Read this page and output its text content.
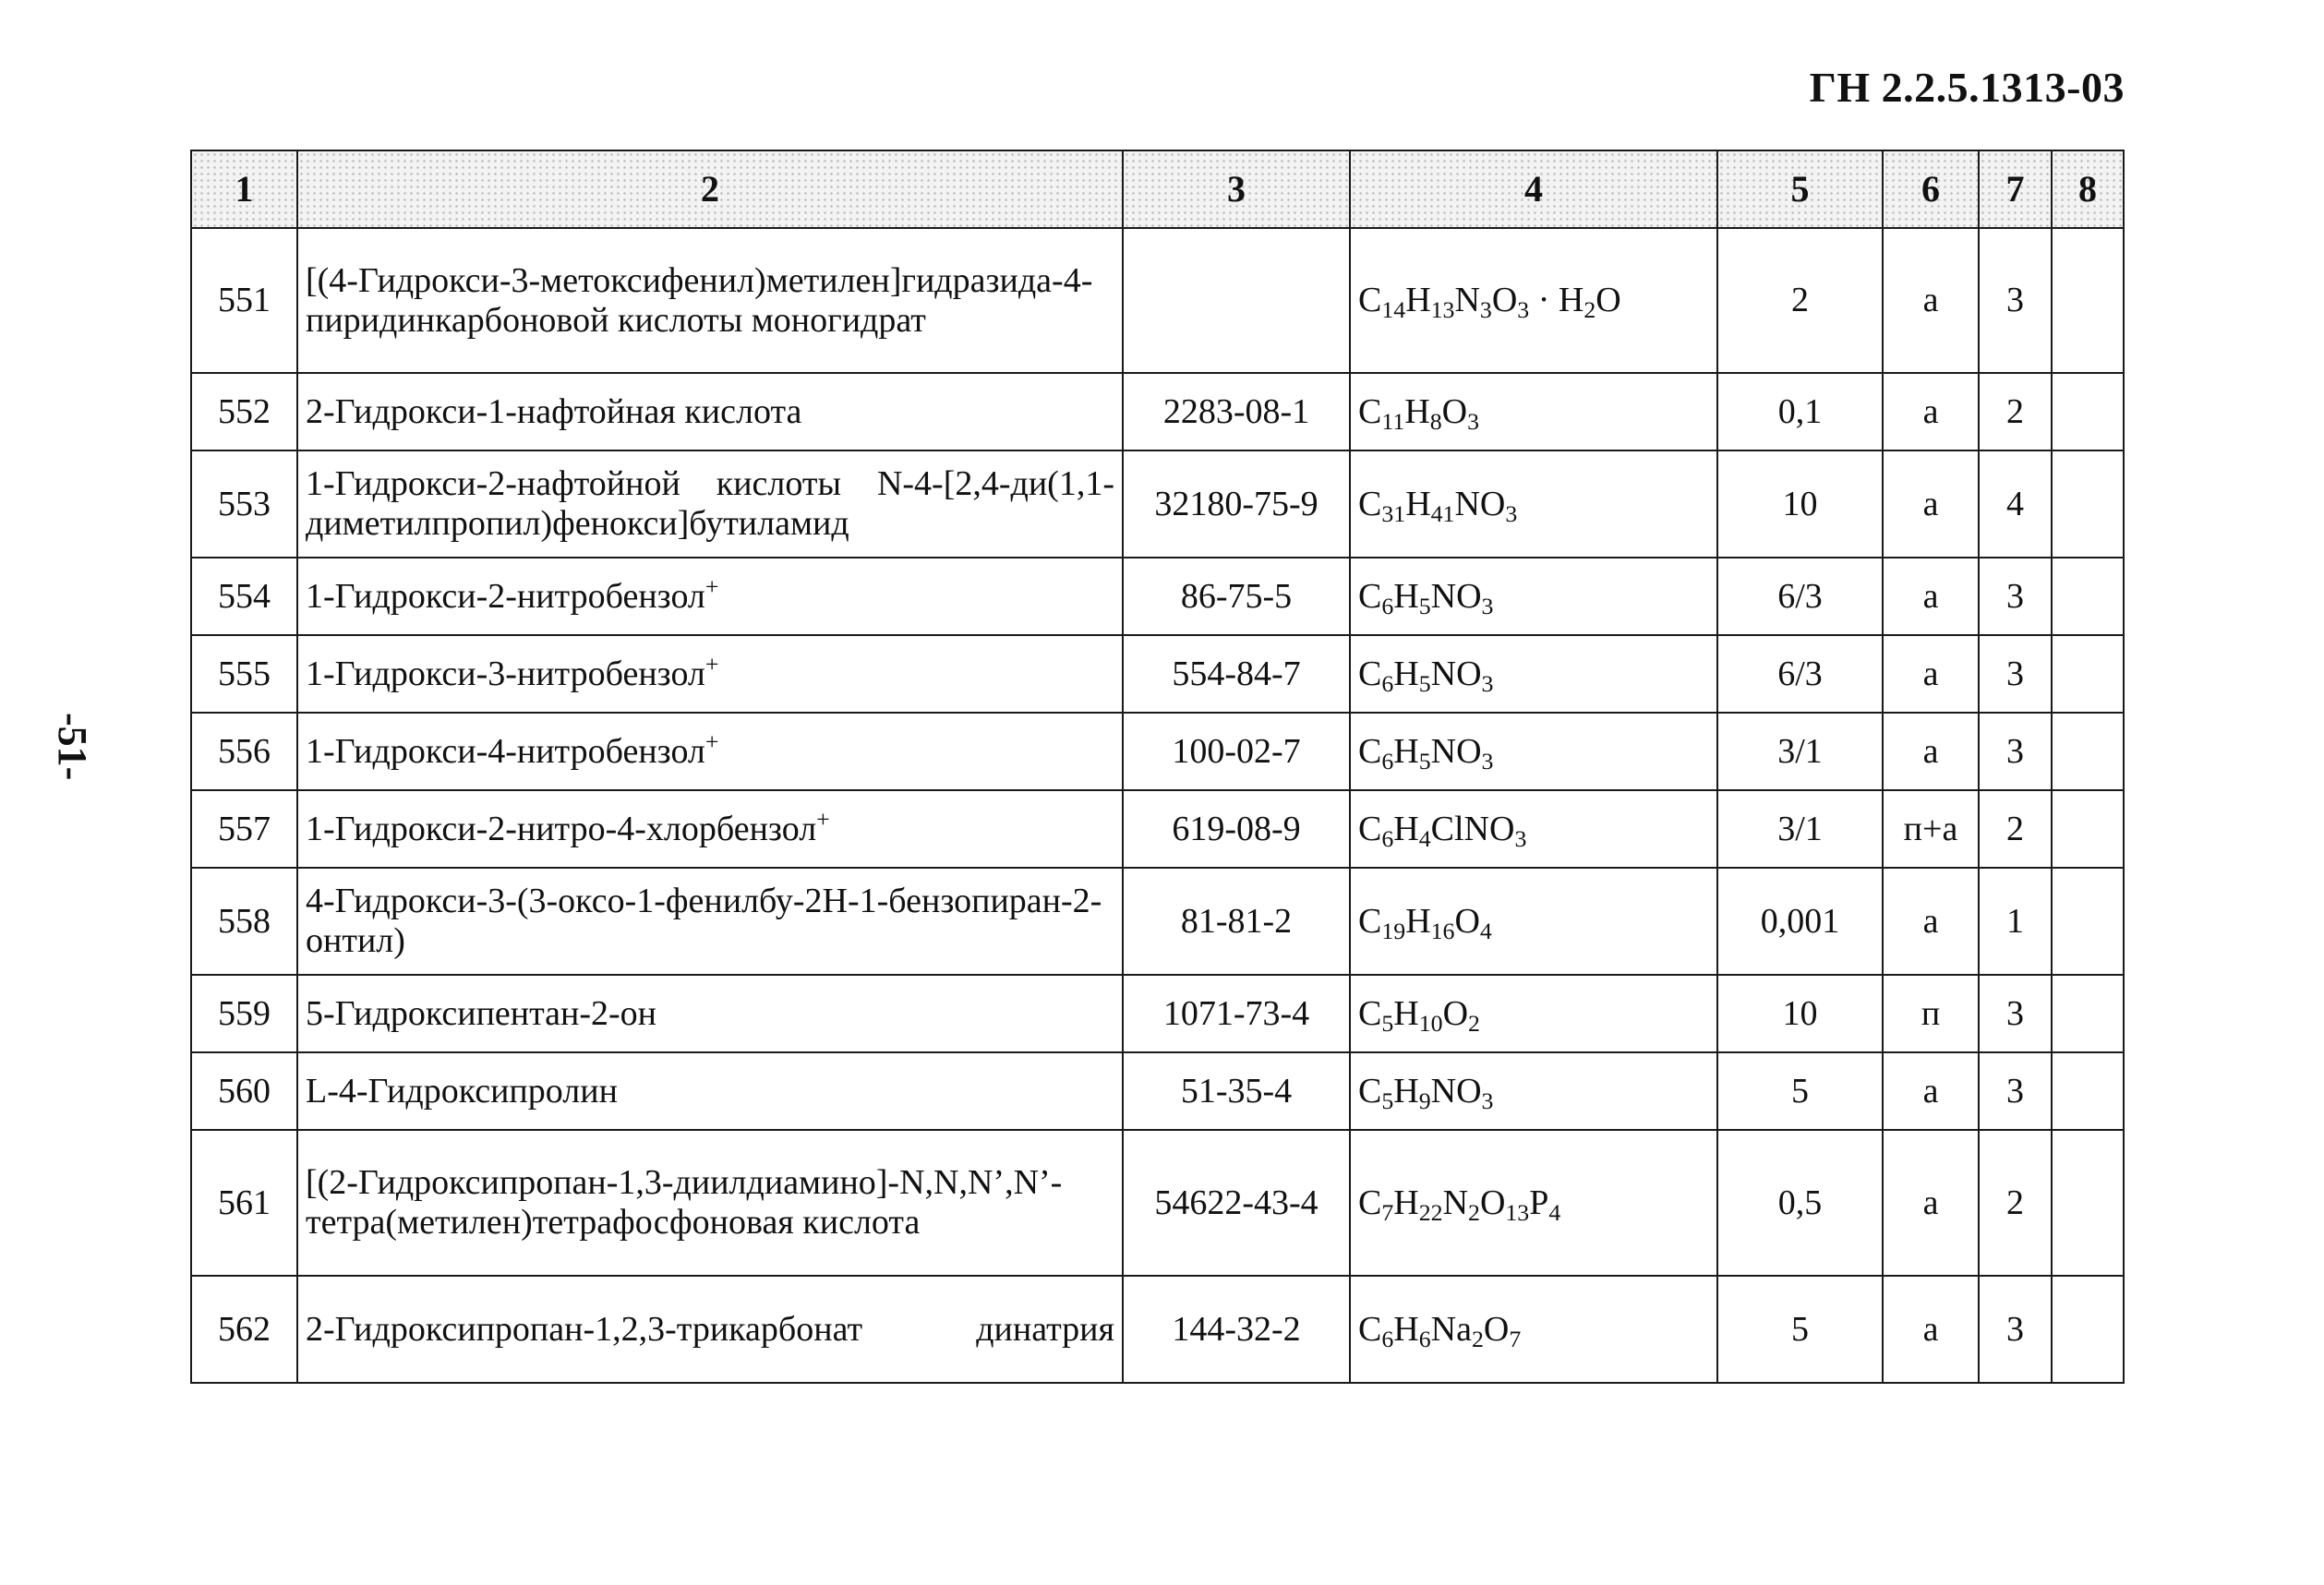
ГН 2.2.5.1313-03
-51-
1	2	3	4	5	6	7	8
551	[(4-Гидрокси-3-метоксифенил)метилен]гидразида-4-пиридинкарбоновой кислоты моногидрат		$C_{14}H_{13}N_3O_3 \cdot H_2O$	2	а	3	
552	2-Гидрокси-1-нафтойная кислота	2283-08-1	$C_{11}H_8O_3$	0,1	а	2	
553	1-Гидрокси-2-нафтойной кислоты N-4-[2,4-ди(1,1-диметилпропил)фенокси]бутиламид	32180-75-9	$C_{31}H_{41}NO_3$	10	а	4	
554	1-Гидрокси-2-нитробензол+	86-75-5	$C_6H_5NO_3$	6/3	а	3	
555	1-Гидрокси-3-нитробензол+	554-84-7	$C_6H_5NO_3$	6/3	а	3	
556	1-Гидрокси-4-нитробензол+	100-02-7	$C_6H_5NO_3$	3/1	а	3	
557	1-Гидрокси-2-нитро-4-хлорбензол+	619-08-9	$C_6H_4ClNO_3$	3/1	п+а	2	
558	4-Гидрокси-3-(3-оксо-1-фенилбу-2Н-1-бензопиран-2-онтил)	81-81-2	$C_{19}H_{16}O_4$	0,001	а	1	
559	5-Гидроксипентан-2-он	1071-73-4	$C_5H_{10}O_2$	10	п	3	
560	L-4-Гидроксипролин	51-35-4	$C_5H_9NO_3$	5	а	3	
561	[(2-Гидроксипропан-1,3-диилдиамино]-N,N,N’,N’-тетра(метилен)тетрафосфоновая кислота	54622-43-4	$C_7H_{22}N_2O_{13}P_4$	0,5	а	2	
562	2-Гидроксипропан-1,2,3-трикарбонат динатрия	144-32-2	$C_6H_6Na_2O_7$	5	а	3	
